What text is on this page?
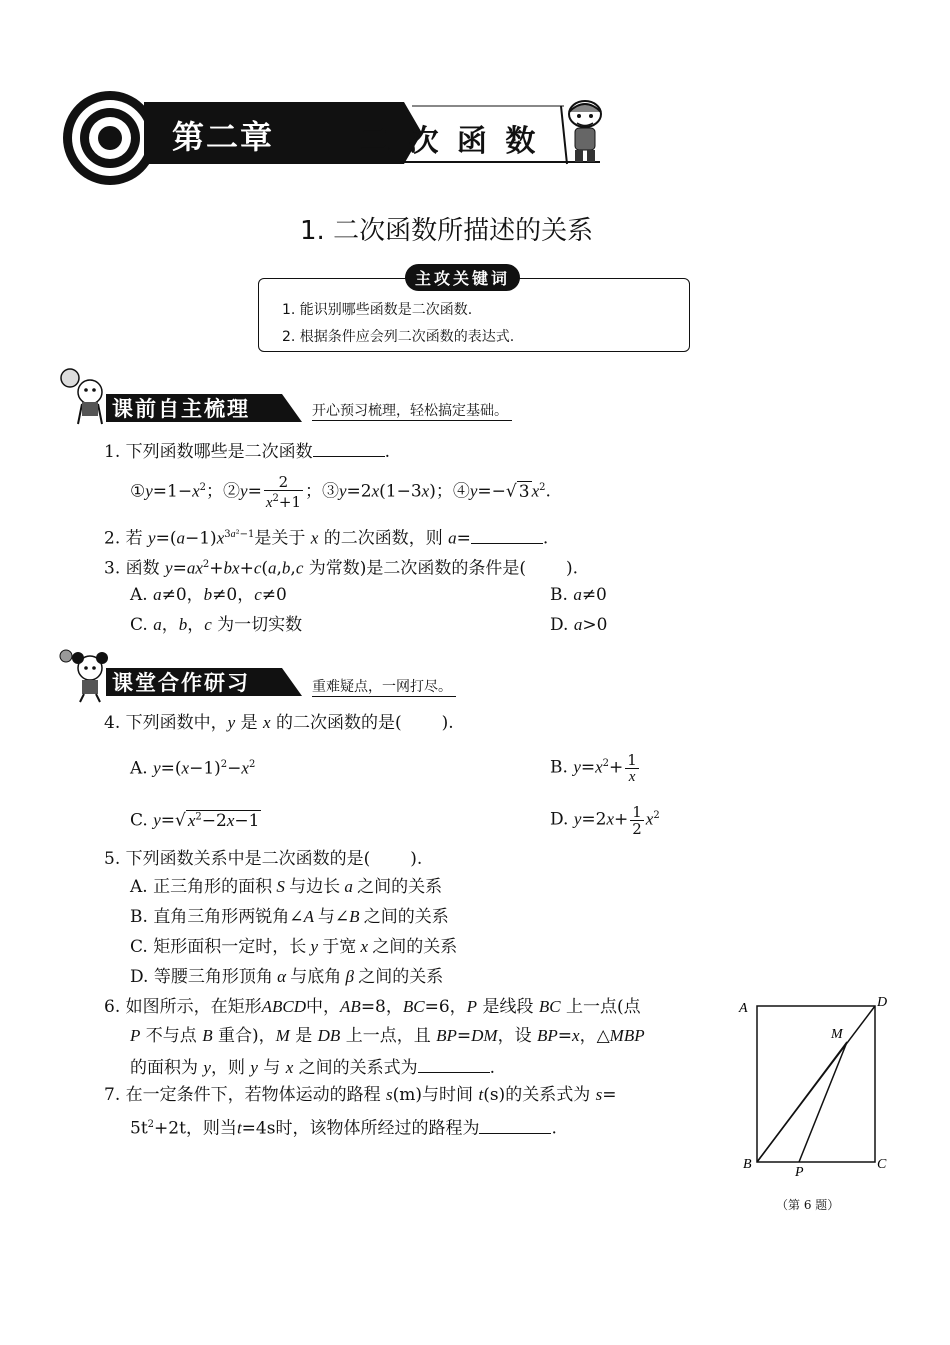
第二章	二 次 函 数
1. 二次函数所描述的关系
主攻关键词
1. 能识别哪些函数是二次函数.
2. 根据条件应会列二次函数的表达式.
课前自主梳理	开心预习梳理，轻松搞定基础。
1. 下列函数哪些是二次函数	.
$①y=1-x^2$；②y= $\frac{2}{x^2+1}$ ；③y=2x(1−3x)；④y=−√ 3 $x^2$.
2. 若 $y=(a-1)x^{3a^2-1}$是关于 x 的二次函数，则 a=	.
3. 函数 $y=ax^2+bx+c(a,b,c$ 为常数)是二次函数的条件是( ).
A. a≠0，b≠0，c≠0	B. a≠0
C. a，b，c 为一切实数	D. a>0
课堂合作研习	重难疑点，一网打尽。
4. 下列函数中，y 是 x 的二次函数的是( ).
A. $y=(x-1)^2-x^2$	B. $y=x^2+ \frac{1}{x}$
C. y=√ $x^2-2x-1$	D. $y=2x+ \frac{1}{2} x^2$
5. 下列函数关系中是二次函数的是( ).
A. 正三角形的面积 S 与边长 a 之间的关系
B. 直角三角形两锐角∠A 与∠B 之间的关系
C. 矩形面积一定时，长 y 于宽 x 之间的关系
D. 等腰三角形顶角 α 与底角 β 之间的关系
6. 如图所示，在矩形ABCD中，AB=8，BC=6，P 是线段 BC 上一点(点
P 不与点 B 重合)，M 是 DB 上一点，且 BP=DM，设 BP=x，△MBP
的面积为 y，则 y 与 x 之间的关系式为	.
7. 在一定条件下，若物体运动的路程 s(m)与时间 t(s)的关系式为 s=
$5t^2+2t$，则当t=4s时，该物体所经过的路程为	.
A	D
M
B
P
C
（第 6 题）
